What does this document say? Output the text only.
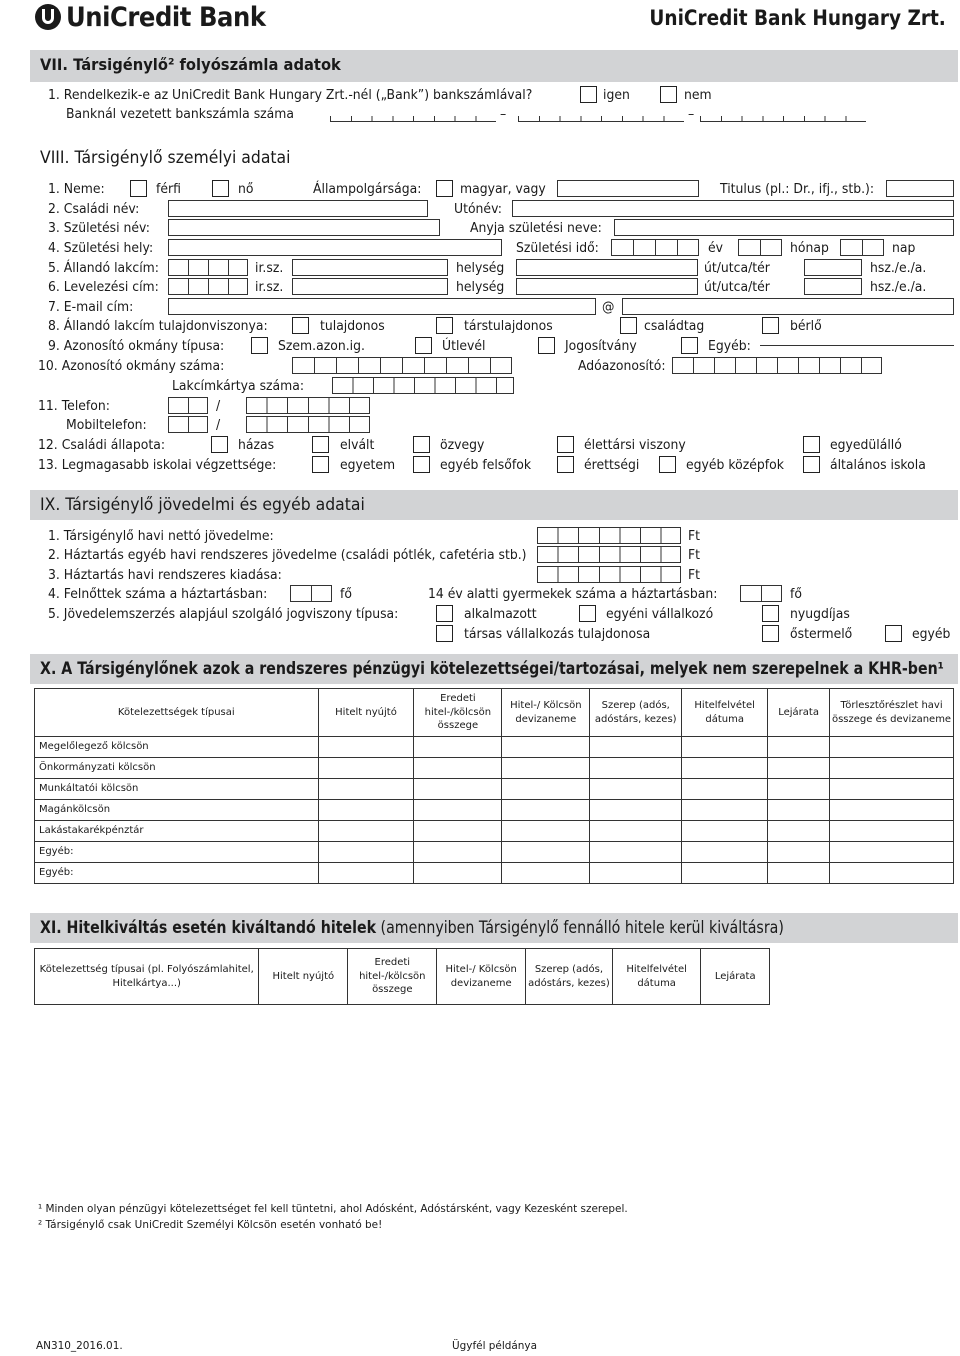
UniCredit Bank	UniCredit Bank Hungary Zrt.
VII. Társigénylő² folyószámla adatok
1. Rendelkezik-e az UniCredit Bank Hungary Zrt.-nél („Bank”) bankszámlával?	igen	nem
Banknál vezetett bankszámla száma	–	–
VIII. Társigénylő személyi adatai
1. Neme:	férfi	nő	Állampolgársága:	magyar, vagy	Titulus (pl.: Dr., ifj., stb.):
2. Családi név:	Utónév:
3. Születési név:	Anyja születési neve:
4. Születési hely:	Születési idő:	év	hónap	nap
5. Állandó lakcím:	ir.sz.	helység	út/utca/tér	hsz./e./a.
6. Levelezési cím:	ir.sz.	helység	út/utca/tér	hsz./e./a.
7. E-mail cím:	@
8. Állandó lakcím tulajdonviszonya:	tulajdonos	társtulajdonos	családtag	bérlő
9. Azonosító okmány típusa:	Szem.azon.ig.	Útlevél	Jogosítvány	Egyéb:
10. Azonosító okmány száma:	Adóazonosító:
Lakcímkártya száma:
11. Telefon:	/
Mobiltelefon:	/
12. Családi állapota:	házas	elvált	özvegy	élettársi viszony	egyedülálló
13. Legmagasabb iskolai végzettsége:	egyetem	egyéb felsőfok	érettségi	egyéb középfok	általános iskola
IX. Társigénylő jövedelmi és egyéb adatai
1. Társigénylő havi nettó jövedelme:	Ft
2. Háztartás egyéb havi rendszeres jövedelme (családi pótlék, cafetéria stb.)	Ft
3. Háztartás havi rendszeres kiadása:	Ft
4. Felnőttek száma a háztartásban:	fő	14 év alatti gyermekek száma a háztartásban:	fő
5. Jövedelemszerzés alapjául szolgáló jogviszony típusa:	alkalmazott	egyéni vállalkozó	nyugdíjas
társas vállalkozás tulajdonosa	őstermelő	egyéb
X. A Társigénylőnek azok a rendszeres pénzügyi kötelezettségei/tartozásai, melyek nem szerepelnek a KHR-ben¹
Kötelezettségek típusai	Hitelt nyújtó	Eredeti hitel-/kölcsön összege	Hitel-/ Kölcsön devizaneme	Szerep (adós, adóstárs, kezes)	Hitelfelvétel dátuma	Lejárata	Törlesztőrészlet havi összege és devizaneme
Megelőlegező kölcsön							
Önkormányzati kölcsön							
Munkáltatói kölcsön							
Magánkölcsön							
Lakástakarékpénztár							
Egyéb:							
Egyéb:							
XI. Hitelkiváltás esetén kiváltandó hitelek (amennyiben Társigénylő fennálló hitele kerül kiváltásra)
Kötelezettség típusai (pl. Folyószámlahitel, Hitelkártya...)	Hitelt nyújtó	Eredeti hitel-/kölcsön összege	Hitel-/ Kölcsön devizaneme	Szerep (adós, adóstárs, kezes)	Hitelfelvétel dátuma	Lejárata
¹ Minden olyan pénzügyi kötelezettséget fel kell tüntetni, ahol Adósként, Adóstársként, vagy Kezesként szerepel.
² Társigénylő csak UniCredit Személyi Kölcsön esetén vonható be!
AN310_2016.01.	Ügyfél példánya
